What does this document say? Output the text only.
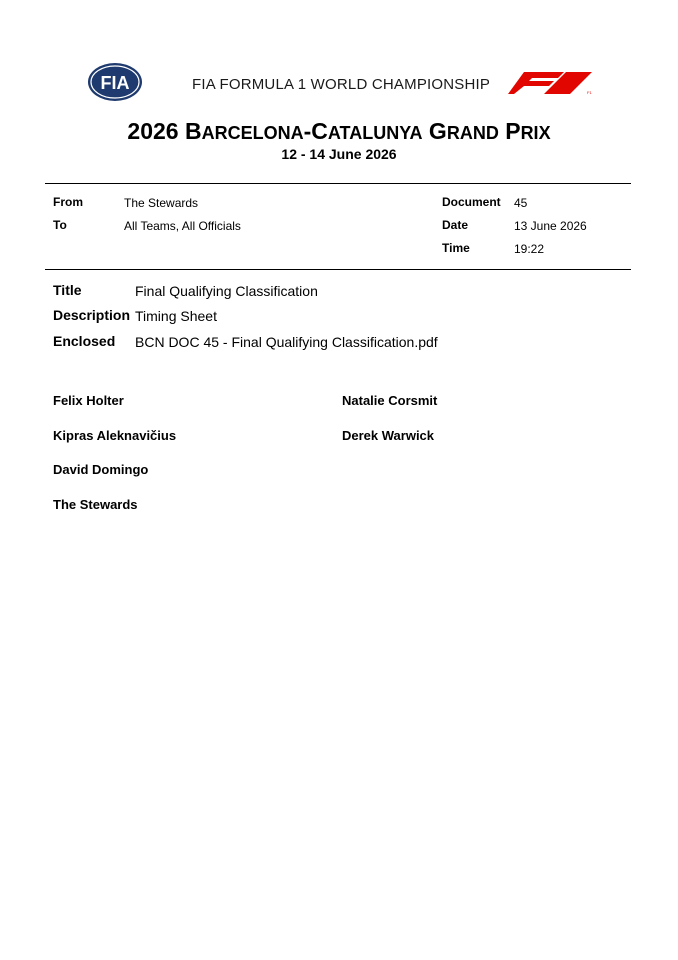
FIA	FIA FORMULA 1 WORLD CHAMPIONSHIP	F1
2026 BARCELONA-CATALUNYA GRAND PRIX
12 - 14 June 2026
From	The Stewards
To	All Teams, All Officials
Document 45
Date	13 June 2026
Time	19:22
Title	Final Qualifying Classification
Description Timing Sheet
Enclosed BCN DOC 45 - Final Qualifying Classification.pdf
Felix Holter
Kipras Aleknavičius
David Domingo
The Stewards
Natalie Corsmit
Derek Warwick
